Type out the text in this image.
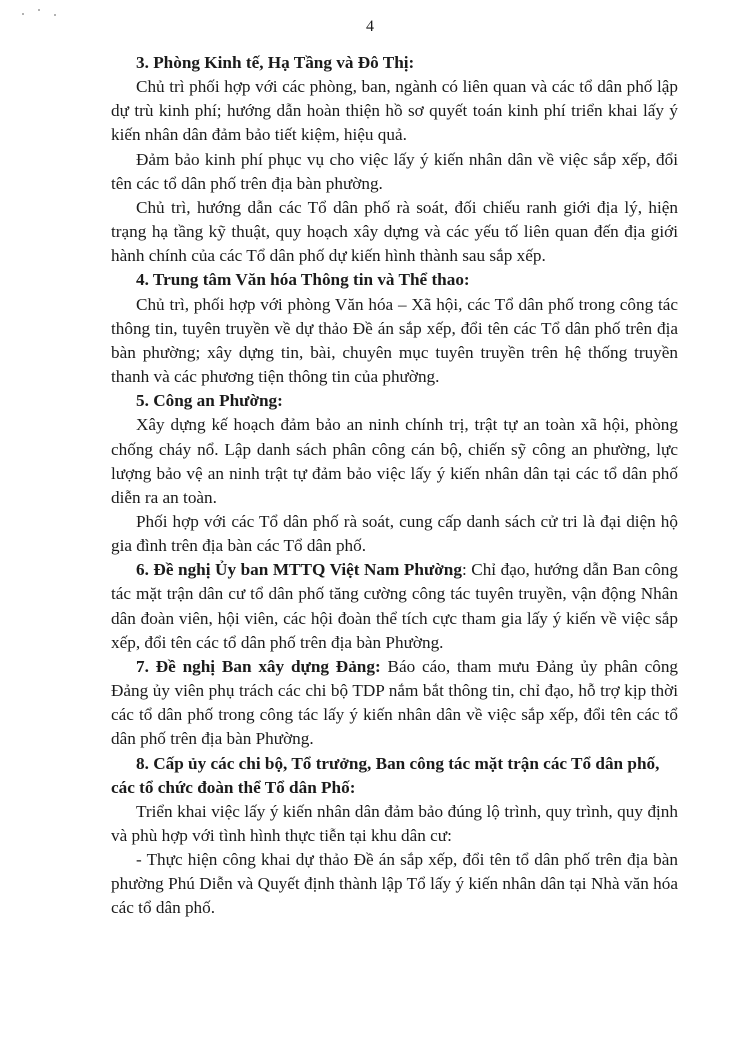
4

3. Phòng Kinh tế, Hạ Tầng và Đô Thị:

Chủ trì phối hợp với các phòng, ban, ngành có liên quan và các tổ dân phố lập dự trù kinh phí; hướng dẫn hoàn thiện hồ sơ quyết toán kinh phí triển khai lấy ý kiến nhân dân đảm bảo tiết kiệm, hiệu quả.

Đảm bảo kinh phí phục vụ cho việc lấy ý kiến nhân dân về việc sắp xếp, đổi tên các tổ dân phố trên địa bàn phường.

Chủ trì, hướng dẫn các Tổ dân phố rà soát, đối chiếu ranh giới địa lý, hiện trạng hạ tầng kỹ thuật, quy hoạch xây dựng và các yếu tố liên quan đến địa giới hành chính của các Tổ dân phố dự kiến hình thành sau sắp xếp.

4. Trung tâm Văn hóa Thông tin và Thể thao:

Chủ trì, phối hợp với phòng Văn hóa – Xã hội, các Tổ dân phố trong công tác thông tin, tuyên truyền về dự thảo Đề án sắp xếp, đổi tên các Tổ dân phố trên địa bàn phường; xây dựng tin, bài, chuyên mục tuyên truyền trên hệ thống truyền thanh và các phương tiện thông tin của phường.

5. Công an Phường:

Xây dựng kế hoạch đảm bảo an ninh chính trị, trật tự an toàn xã hội, phòng chống cháy nổ. Lập danh sách phân công cán bộ, chiến sỹ công an phường, lực lượng bảo vệ an ninh trật tự đảm bảo việc lấy ý kiến nhân dân tại các tổ dân phố diễn ra an toàn.

Phối hợp với các Tổ dân phố rà soát, cung cấp danh sách cử tri là đại diện hộ gia đình trên địa bàn các Tổ dân phố.

6. Đề nghị Ủy ban MTTQ Việt Nam Phường: Chỉ đạo, hướng dẫn Ban công tác mặt trận dân cư tổ dân phố tăng cường công tác tuyên truyền, vận động Nhân dân đoàn viên, hội viên, các hội đoàn thể tích cực tham gia lấy ý kiến về việc sắp xếp, đổi tên các tổ dân phố trên địa bàn Phường.

7. Đề nghị Ban xây dựng Đảng: Báo cáo, tham mưu Đảng ủy phân công Đảng ủy viên phụ trách các chi bộ TDP nắm bắt thông tin, chỉ đạo, hỗ trợ kịp thời các tổ dân phố trong công tác lấy ý kiến nhân dân về việc sắp xếp, đổi tên các tổ dân phố trên địa bàn Phường.

8. Cấp ủy các chi bộ, Tổ trưởng, Ban công tác mặt trận các Tổ dân phố, các tổ chức đoàn thể Tổ dân Phố:

Triển khai việc lấy ý kiến nhân dân đảm bảo đúng lộ trình, quy trình, quy định và phù hợp với tình hình thực tiễn tại khu dân cư:

- Thực hiện công khai dự thảo Đề án sắp xếp, đổi tên tổ dân phố trên địa bàn phường Phú Diễn và Quyết định thành lập Tổ lấy ý kiến nhân dân tại Nhà văn hóa các tổ dân phố.
